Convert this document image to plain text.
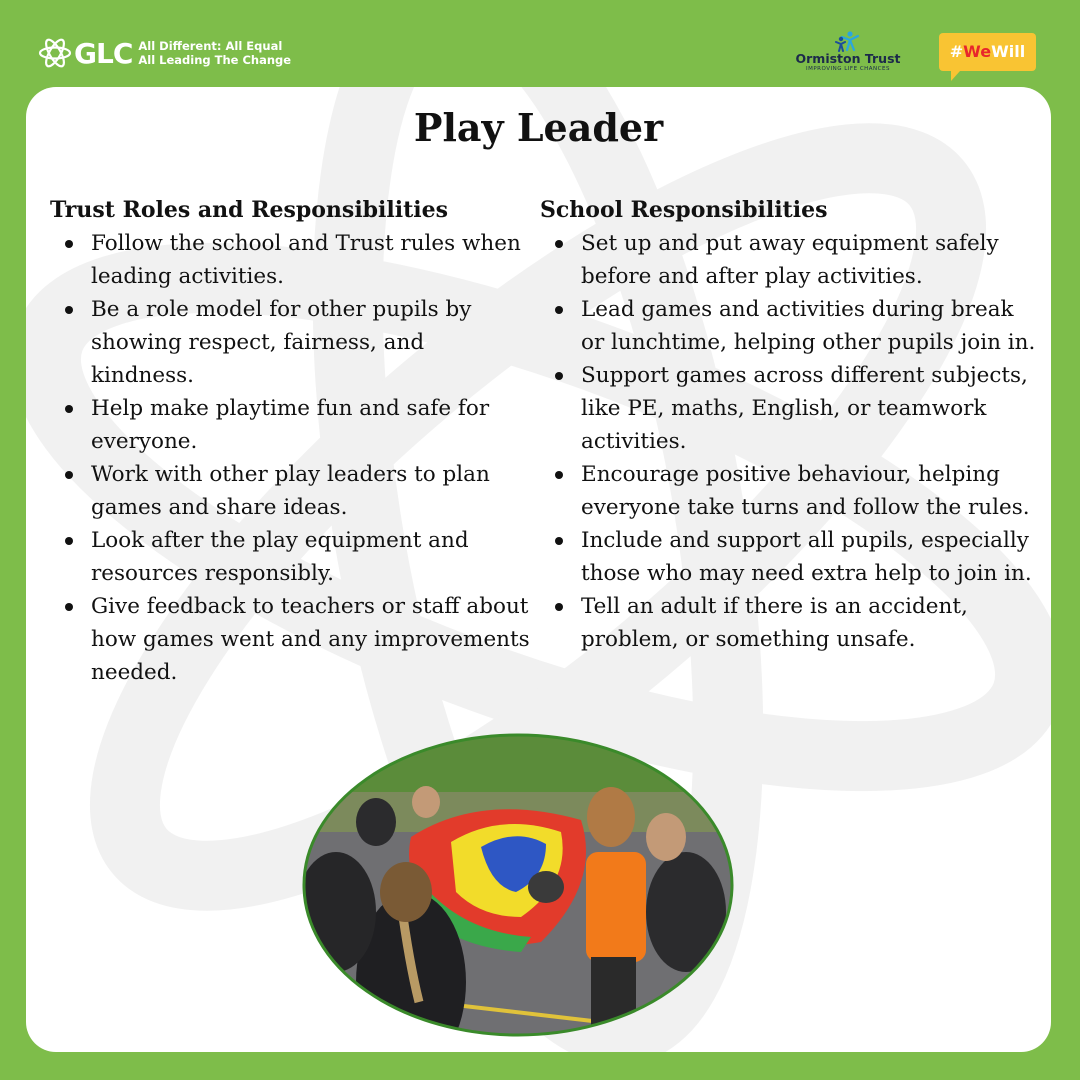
GLC All Different: All Equal
All Leading The Change	Ormiston Trust
IMPROVING LIFE CHANCES
#WeWill
Play Leader
Trust Roles and Responsibilities
Follow the school and Trust rules when leading activities.
Be a role model for other pupils by showing respect, fairness, and kindness.
Help make playtime fun and safe for everyone.
Work with other play leaders to plan games and share ideas.
Look after the play equipment and resources responsibly.
Give feedback to teachers or staff about how games went and any improvements needed.
School Responsibilities
Set up and put away equipment safely before and after play activities.
Lead games and activities during break or lunchtime, helping other pupils join in.
Support games across different subjects, like PE, maths, English, or teamwork activities.
Encourage positive behaviour, helping everyone take turns and follow the rules.
Include and support all pupils, especially those who may need extra help to join in.
Tell an adult if there is an accident, problem, or something unsafe.
